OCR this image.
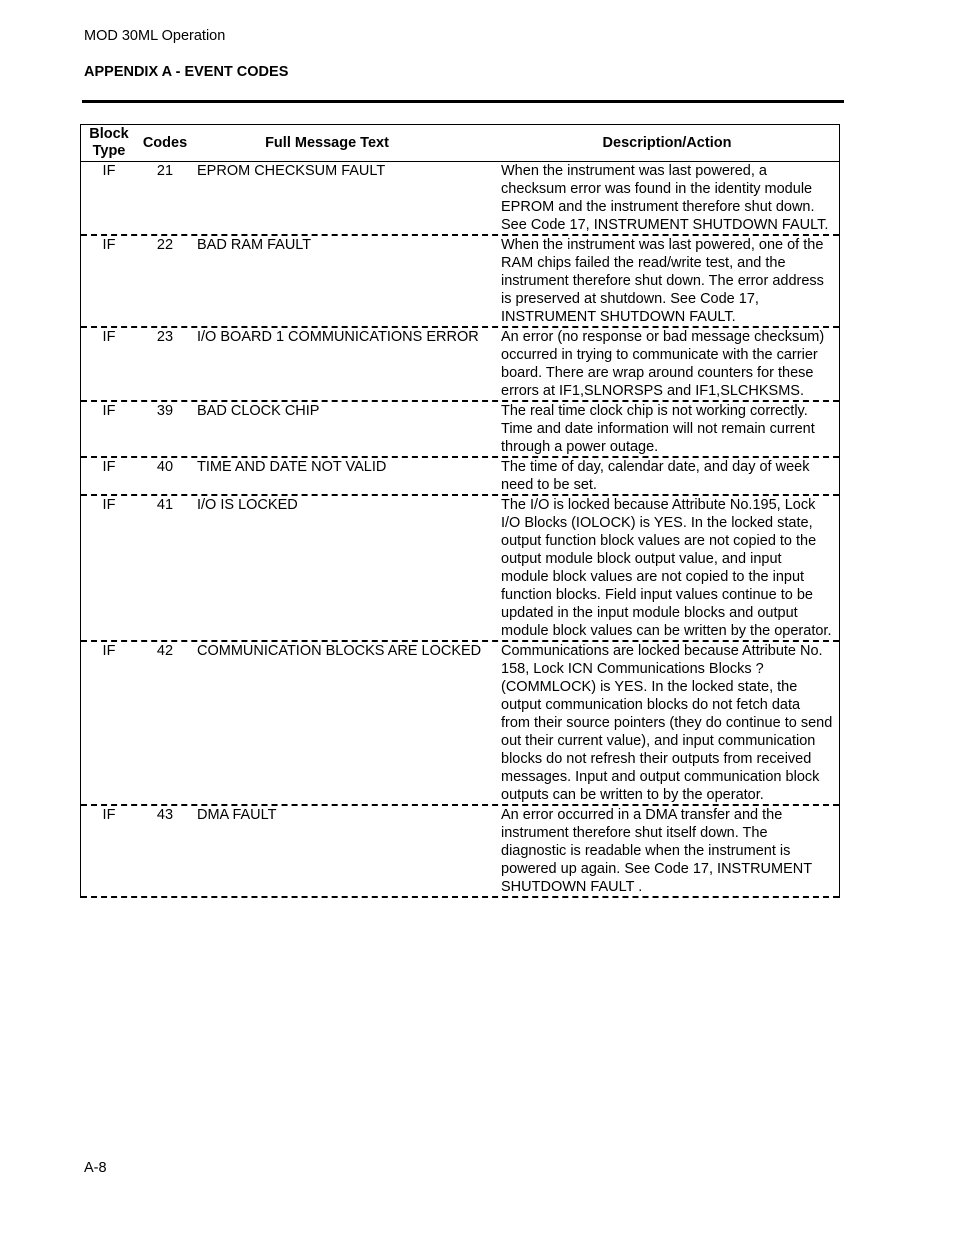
MOD 30ML Operation
APPENDIX A - EVENT CODES
Block
Type	Codes	Full Message Text	Description/Action
IF	21	EPROM CHECKSUM FAULT	When the instrument was last powered, a checksum error was found in the identity module EPROM and the instrument therefore shut down. See Code 17, INSTRUMENT SHUTDOWN FAULT.
IF	22	BAD RAM FAULT	When the instrument was last powered, one of the RAM chips failed the read/write test, and the instrument therefore shut down. The error address is preserved at shutdown. See Code 17, INSTRUMENT SHUTDOWN FAULT.
IF	23	I/O BOARD 1 COMMUNICATIONS ERROR	An error (no response or bad message checksum) occurred in trying to communicate with the carrier board. There are wrap around counters for these errors at IF1,SLNORSPS and IF1,SLCHKSMS.
IF	39	BAD CLOCK CHIP	The real time clock chip is not working correctly. Time and date information will not remain current through a power outage.
IF	40	TIME AND DATE NOT VALID	The time of day, calendar date, and day of week need to be set.
IF	41	I/O IS LOCKED	The I/O is locked because Attribute No.195, Lock I/O Blocks (IOLOCK) is YES. In the locked state, output function block values are not copied to the output module block output value, and input module block values are not copied to the input function blocks. Field input values continue to be updated in the input module blocks and output module block values can be written by the operator.
IF	42	COMMUNICATION BLOCKS ARE LOCKED	Communications are locked because Attribute No. 158, Lock ICN Communications Blocks ?(COMMLOCK) is YES. In the locked state, the output communication blocks do not fetch data from their source pointers (they do continue to send out their current value), and input communication blocks do not refresh their outputs from received messages. Input and output communication block outputs can be written to by the operator.
IF	43	DMA FAULT	An error occurred in a DMA transfer and the instrument therefore shut itself down. The diagnostic is readable when the instrument is powered up again. See Code 17, INSTRUMENT SHUTDOWN FAULT .
A-8
